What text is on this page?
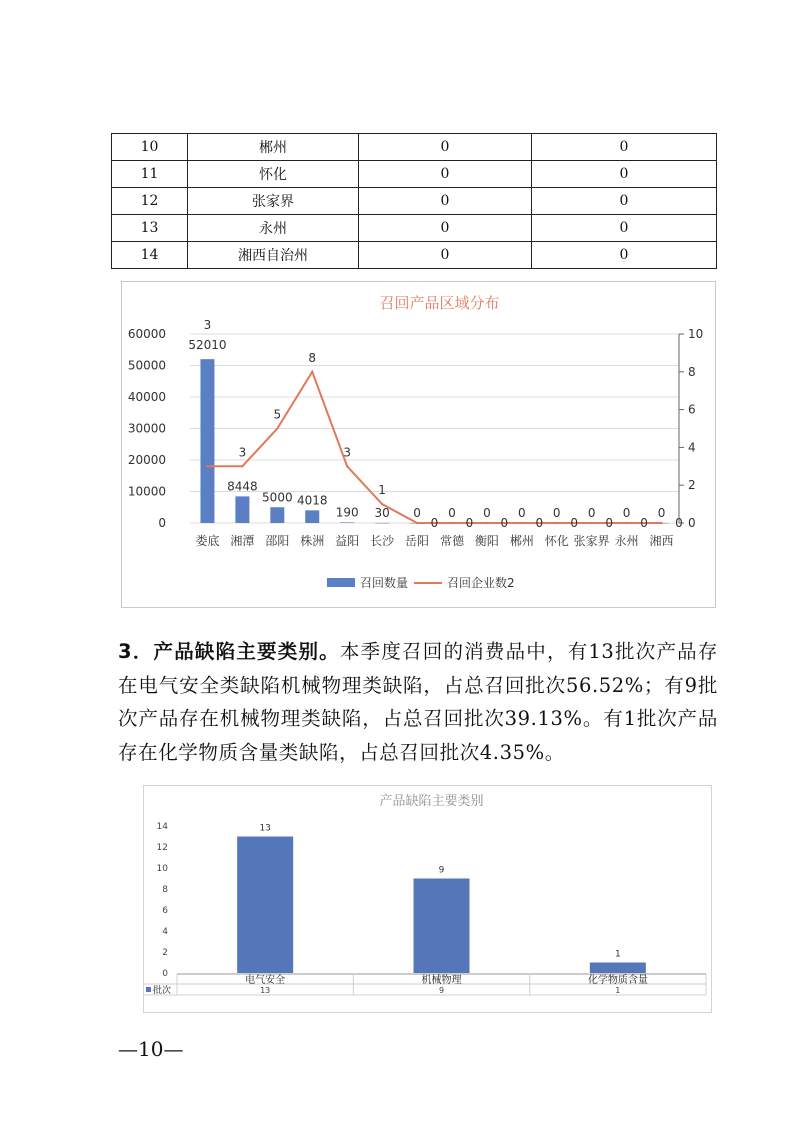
10	郴州	0	0
11	怀化	0	0
12	张家界	0	0
13	永州	0	0
14	湘西自治州	0	0
召回产品区域分布
0
10000
20000
30000
40000
50000
60000
0
2
4
6
8
10
52010
8448
5000 4018
190 30 0 0 0 0 0 0 0 0
3
3
5
8
3
1
0 0 0 0 0 0 0 0
娄底 湘潭 邵阳 株洲 益阳 长沙 岳阳 常德 衡阳 郴州 怀化 张家界 永州 湘西
召回数量	召回企业数2
3．产品缺陷主要类别。本季度召回的消费品中，有13批次产品存在电气安全类缺陷机械物理类缺陷，占总召回批次56.52%；有9批次产品存在机械物理类缺陷，占总召回批次39.13%。有1批次产品存在化学物质含量类缺陷，占总召回批次4.35%。
产品缺陷主要类别
0
2
4
6
8
10
12
14	13
9
1
电气安全
13
机械物理
9
化学物质含量
1
批次
—10—
